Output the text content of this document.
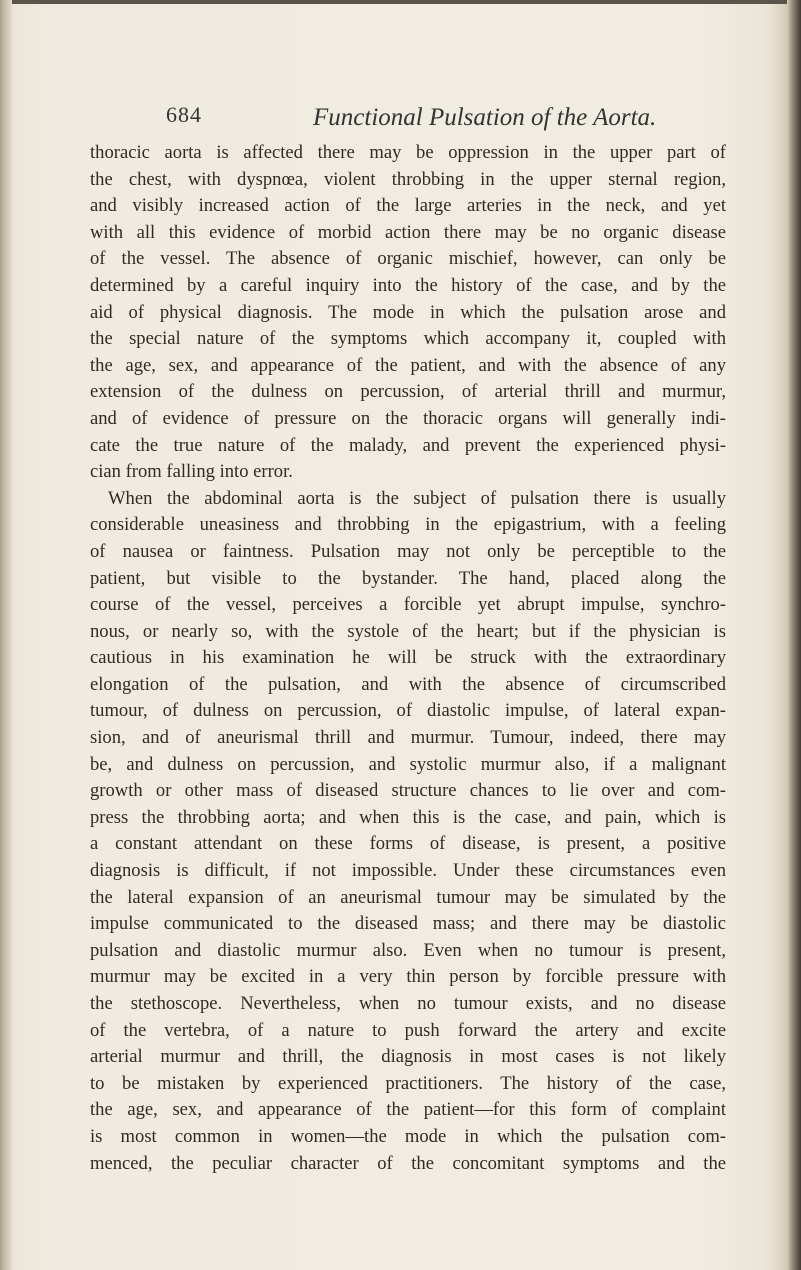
684	Functional Pulsation of the Aorta.

thoracic aorta is affected there may be oppression in the upper part of
the chest, with dyspnœa, violent throbbing in the upper sternal region,
and visibly increased action of the large arteries in the neck, and yet
with all this evidence of morbid action there may be no organic disease
of the vessel. The absence of organic mischief, however, can only be
determined by a careful inquiry into the history of the case, and by the
aid of physical diagnosis. The mode in which the pulsation arose and
the special nature of the symptoms which accompany it, coupled with
the age, sex, and appearance of the patient, and with the absence of any
extension of the dulness on percussion, of arterial thrill and murmur,
and of evidence of pressure on the thoracic organs will generally indi-
cate the true nature of the malady, and prevent the experienced physi-
cian from falling into error.

When the abdominal aorta is the subject of pulsation there is usually
considerable uneasiness and throbbing in the epigastrium, with a feeling
of nausea or faintness. Pulsation may not only be perceptible to the
patient, but visible to the bystander. The hand, placed along the
course of the vessel, perceives a forcible yet abrupt impulse, synchro-
nous, or nearly so, with the systole of the heart; but if the physician is
cautious in his examination he will be struck with the extraordinary
elongation of the pulsation, and with the absence of circumscribed
tumour, of dulness on percussion, of diastolic impulse, of lateral expan-
sion, and of aneurismal thrill and murmur. Tumour, indeed, there may
be, and dulness on percussion, and systolic murmur also, if a malignant
growth or other mass of diseased structure chances to lie over and com-
press the throbbing aorta; and when this is the case, and pain, which is
a constant attendant on these forms of disease, is present, a positive
diagnosis is difficult, if not impossible. Under these circumstances even
the lateral expansion of an aneurismal tumour may be simulated by the
impulse communicated to the diseased mass; and there may be diastolic
pulsation and diastolic murmur also. Even when no tumour is present,
murmur may be excited in a very thin person by forcible pressure with
the stethoscope. Nevertheless, when no tumour exists, and no disease
of the vertebra, of a nature to push forward the artery and excite
arterial murmur and thrill, the diagnosis in most cases is not likely
to be mistaken by experienced practitioners. The history of the case,
the age, sex, and appearance of the patient—for this form of complaint
is most common in women—the mode in which the pulsation com-
menced, the peculiar character of the concomitant symptoms and the
